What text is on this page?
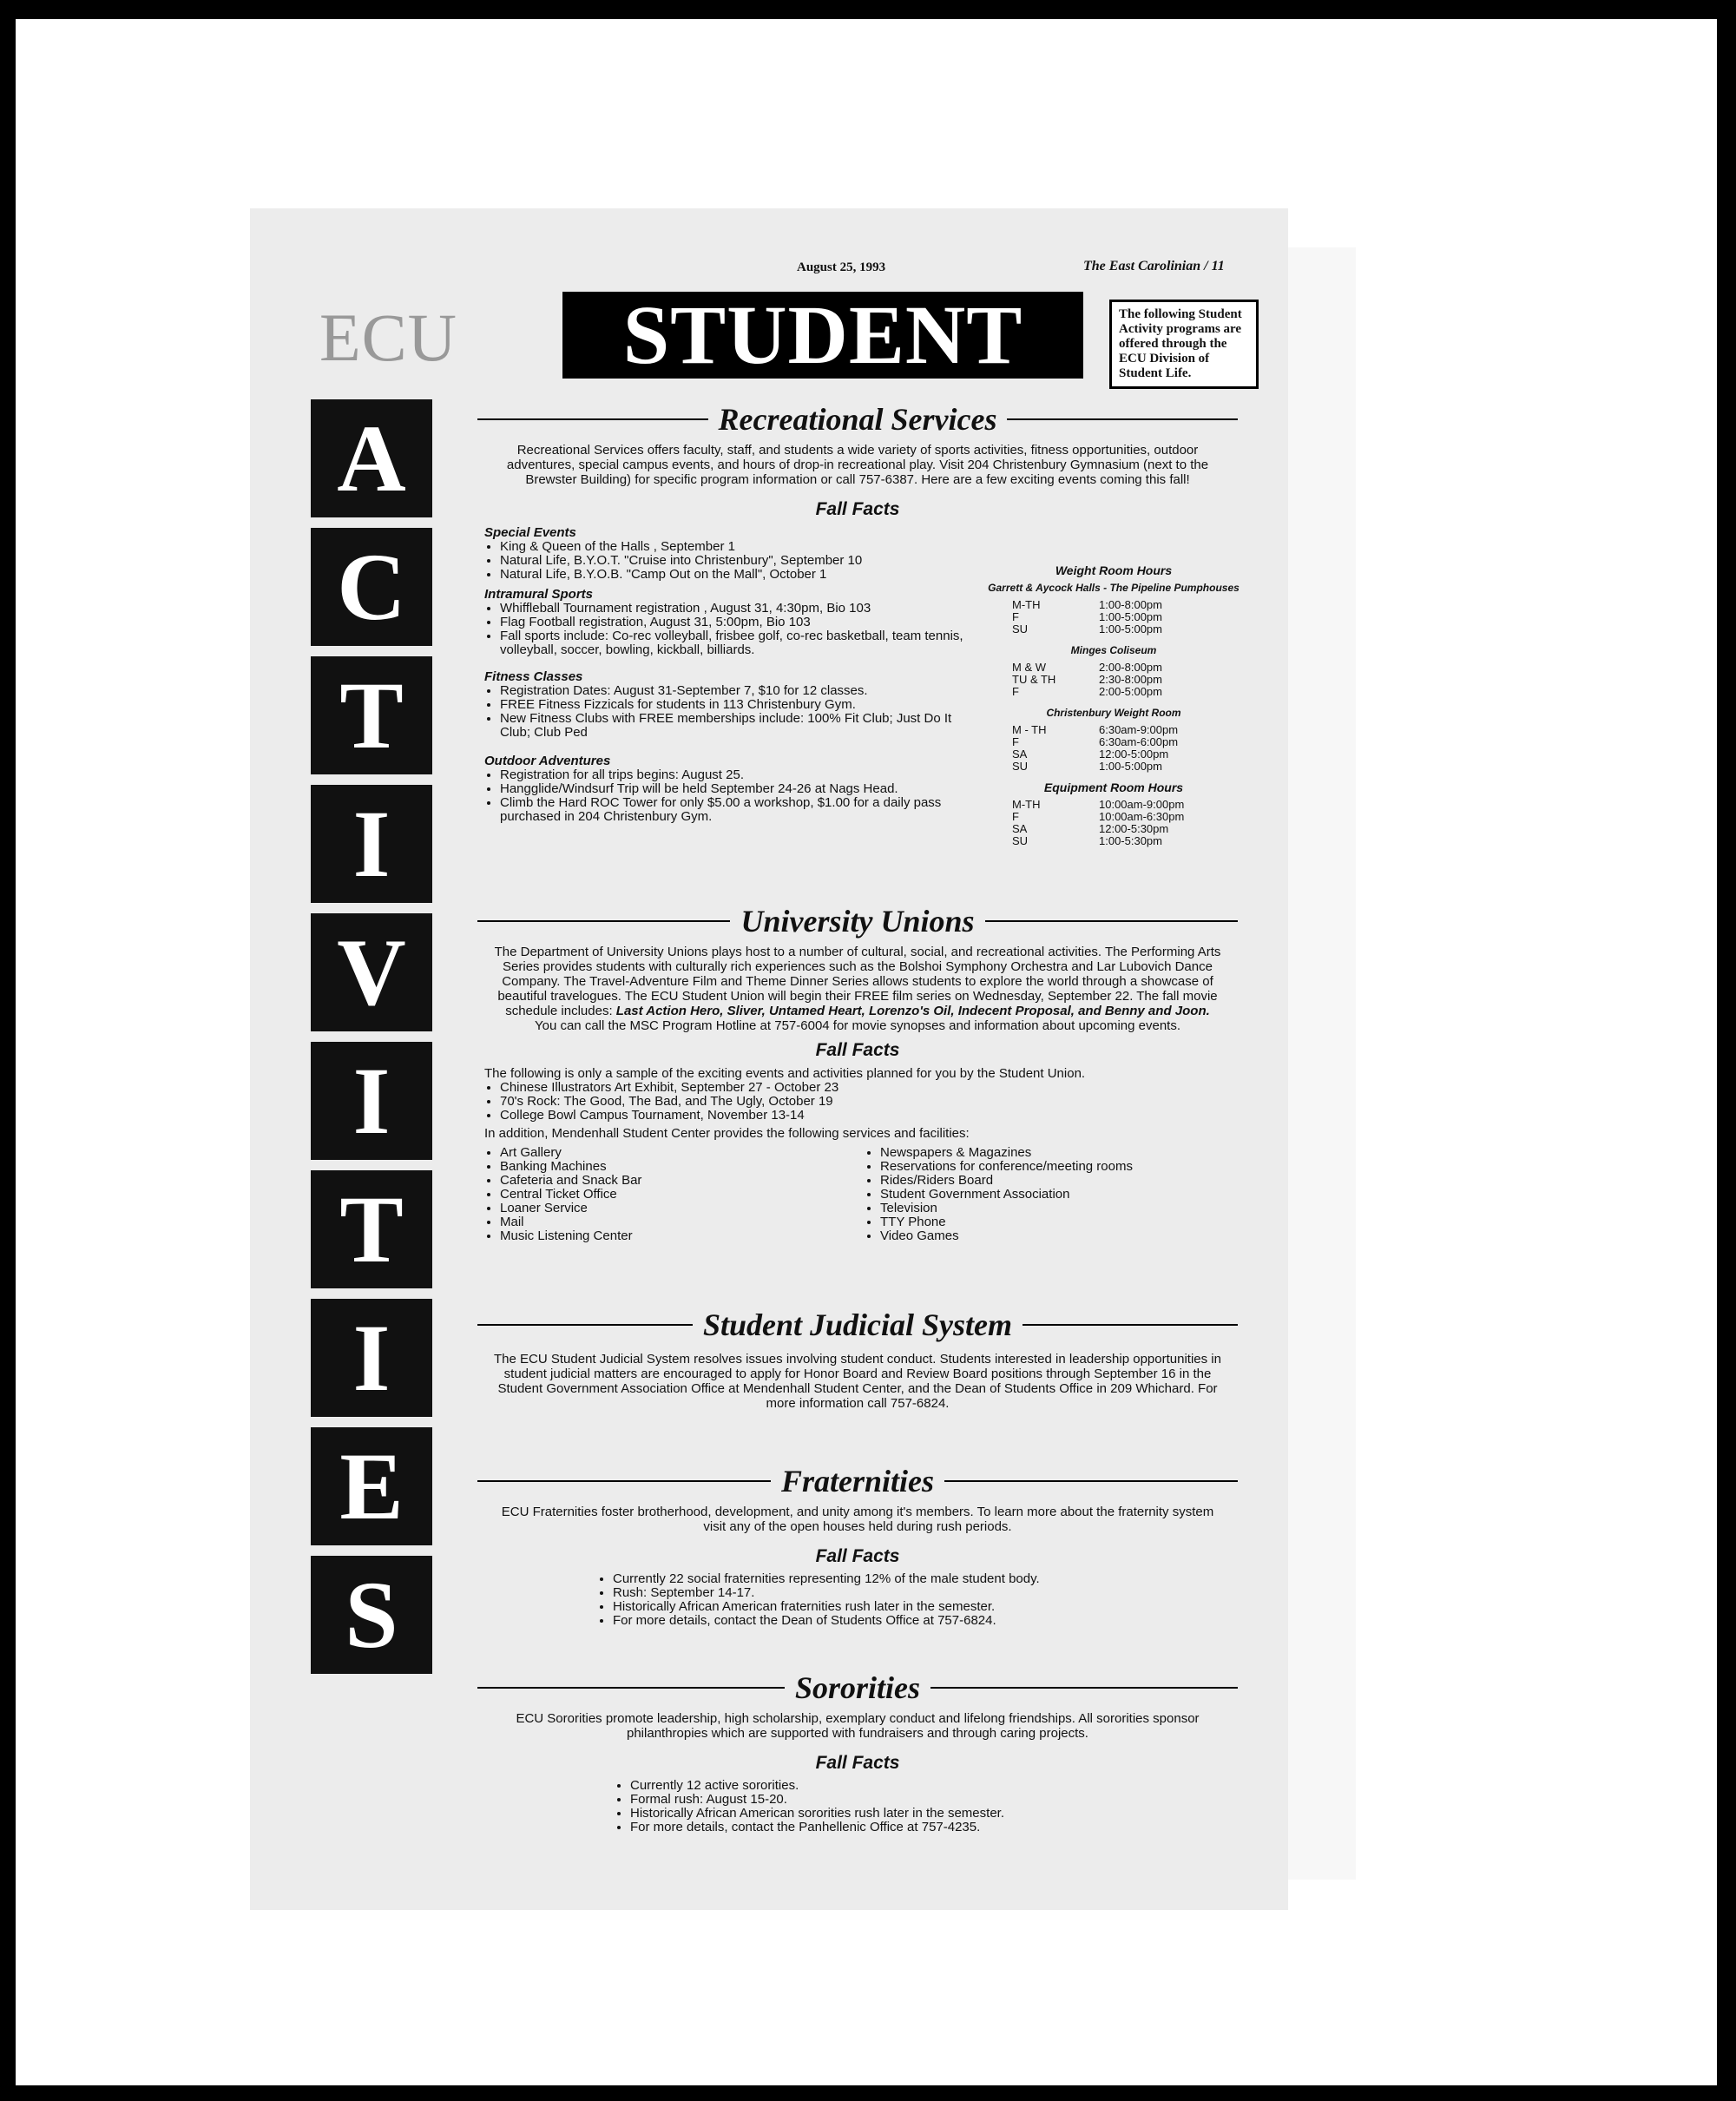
August 25, 1993	The East Carolinian / 11
ECU	STUDENT	The following Student Activity programs are offered through the ECU Division of Student Life.
A
C
T
I
V
I
T
I
E
S
Recreational Services
Recreational Services offers faculty, staff, and students a wide variety of sports activities, fitness opportunities, outdoor adventures, special campus events, and hours of drop-in recreational play. Visit 204 Christenbury Gymnasium (next to the Brewster Building) for specific program information or call 757-6387. Here are a few exciting events coming this fall!
Fall Facts
Special Events
• King & Queen of the Halls , September 1
• Natural Life, B.Y.O.T. "Cruise into Christenbury", September 10
• Natural Life, B.Y.O.B. "Camp Out on the Mall", October 1
Intramural Sports
• Whiffleball Tournament registration , August 31, 4:30pm, Bio 103
• Flag Football registration, August 31, 5:00pm, Bio 103
• Fall sports include: Co-rec volleyball, frisbee golf, co-rec basketball, team tennis, volleyball, soccer, bowling, kickball, billiards.
Fitness Classes
• Registration Dates: August 31-September 7, $10 for 12 classes.
• FREE Fitness Fizzicals for students in 113 Christenbury Gym.
• New Fitness Clubs with FREE memberships include: 100% Fit Club; Just Do It Club; Club Ped
Outdoor Adventures
• Registration for all trips begins: August 25.
• Hangglide/Windsurf Trip will be held September 24-26 at Nags Head.
• Climb the Hard ROC Tower for only $5.00 a workshop, $1.00 for a daily pass purchased in 204 Christenbury Gym.
Weight Room Hours
Garrett & Aycock Halls - The Pipeline Pumphouses
M-TH	1:00-8:00pm
F	1:00-5:00pm
SU	1:00-5:00pm
Minges Coliseum
M & W	2:00-8:00pm
TU & TH	2:30-8:00pm
F	2:00-5:00pm
Christenbury Weight Room
M - TH	6:30am-9:00pm
F	6:30am-6:00pm
SA	12:00-5:00pm
SU	1:00-5:00pm
Equipment Room Hours
M-TH	10:00am-9:00pm
F	10:00am-6:30pm
SA	12:00-5:30pm
SU	1:00-5:30pm
University Unions
The Department of University Unions plays host to a number of cultural, social, and recreational activities. The Performing Arts Series provides students with culturally rich experiences such as the Bolshoi Symphony Orchestra and Lar Lubovich Dance Company. The Travel-Adventure Film and Theme Dinner Series allows students to explore the world through a showcase of beautiful travelogues. The ECU Student Union will begin their FREE film series on Wednesday, September 22. The fall movie schedule includes: Last Action Hero, Sliver, Untamed Heart, Lorenzo's Oil, Indecent Proposal, and Benny and Joon. You can call the MSC Program Hotline at 757-6004 for movie synopses and information about upcoming events.
Fall Facts
The following is only a sample of the exciting events and activities planned for you by the Student Union.
• Chinese Illustrators Art Exhibit, September 27 - October 23
• 70's Rock: The Good, The Bad, and The Ugly, October 19
• College Bowl Campus Tournament, November 13-14
In addition, Mendenhall Student Center provides the following services and facilities:
• Art Gallery
• Banking Machines
• Cafeteria and Snack Bar
• Central Ticket Office
• Loaner Service
• Mail
• Music Listening Center
• Newspapers & Magazines
• Reservations for conference/meeting rooms
• Rides/Riders Board
• Student Government Association
• Television
• TTY Phone
• Video Games
Student Judicial System
The ECU Student Judicial System resolves issues involving student conduct. Students interested in leadership opportunities in student judicial matters are encouraged to apply for Honor Board and Review Board positions through September 16 in the Student Government Association Office at Mendenhall Student Center, and the Dean of Students Office in 209 Whichard. For more information call 757-6824.
Fraternities
ECU Fraternities foster brotherhood, development, and unity among it's members. To learn more about the fraternity system visit any of the open houses held during rush periods.
Fall Facts
• Currently 22 social fraternities representing 12% of the male student body.
• Rush: September 14-17.
• Historically African American fraternities rush later in the semester.
• For more details, contact the Dean of Students Office at 757-6824.
Sororities
ECU Sororities promote leadership, high scholarship, exemplary conduct and lifelong friendships. All sororities sponsor philanthropies which are supported with fundraisers and through caring projects.
Fall Facts
• Currently 12 active sororities.
• Formal rush: August 15-20.
• Historically African American sororities rush later in the semester.
• For more details, contact the Panhellenic Office at 757-4235.
